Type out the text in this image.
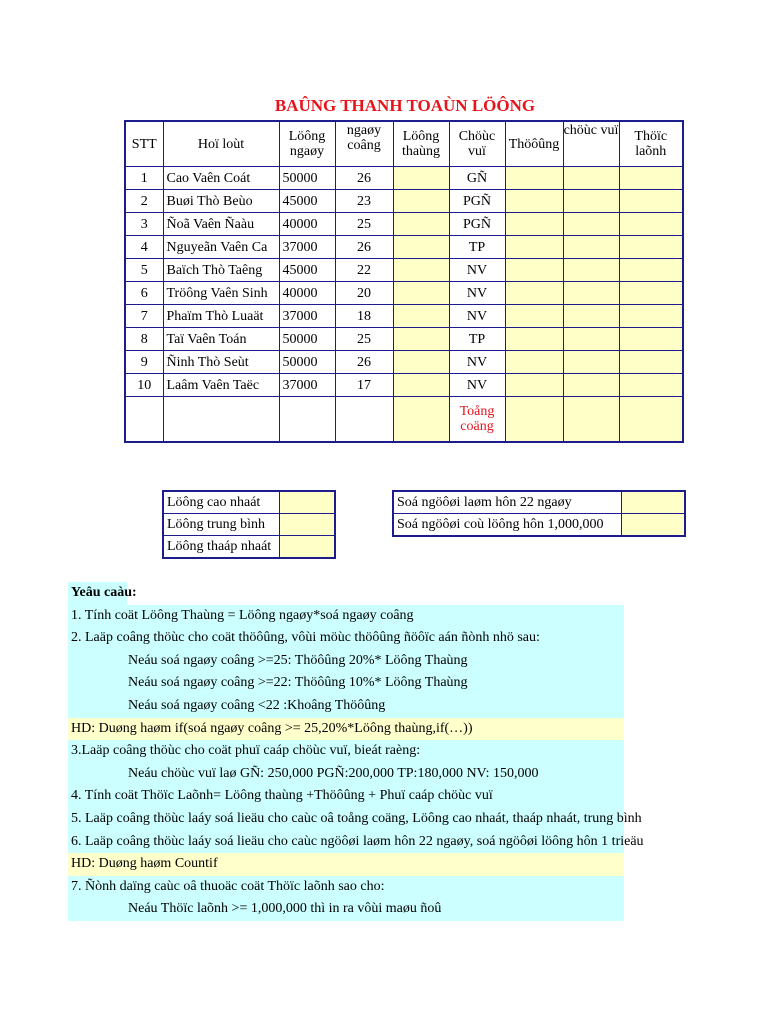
BAÛNG THANH TOAÙN LÖÔNG
STT	Hoï loùt	Löông ngaøy	ngaøy coâng	Löông thaùng	Chöùc vuï	Thöôûng	chöùc vuï	Thöïc laõnh
1	Cao Vaên Coát	50000	26		GÑ			
2	Buøi Thò Beùo	45000	23		PGÑ			
3	Ñoã Vaên Ñaàu	40000	25		PGÑ			
4	Nguyeãn Vaên Ca	37000	26		TP			
5	Baïch Thò Taêng	45000	22		NV			
6	Tröông Vaên Sinh	40000	20		NV			
7	Phaïm Thò Luaät	37000	18		NV			
8	Taï Vaên Toán	50000	25		TP			
9	Ñinh Thò Seùt	50000	26		NV			
10	Laâm Vaên Taëc	37000	17		NV			
					Toång coäng			
Löông cao nhaát	
Löông trung bình	
Löông thaáp nhaát	
Soá ngöôøi laøm hôn 22 ngaøy	
Soá ngöôøi coù löông hôn 1,000,000	
Yeâu caàu:
1. Tính coät Löông Thaùng = Löông ngaøy*soá ngaøy coâng
2. Laäp coâng thöùc cho coät thöôûng, vôùi möùc thöôûng ñöôïc aán ñònh nhö sau:
Neáu soá ngaøy coâng >=25: Thöôûng 20%* Löông Thaùng
Neáu soá ngaøy coâng >=22: Thöôûng 10%* Löông Thaùng
Neáu soá ngaøy coâng <22 :Khoâng Thöôûng
HD: Duøng haøm if(soá ngaøy coâng >= 25,20%*Löông thaùng,if(…))
3.Laäp coâng thöùc cho coät phuï caáp chöùc vuï, bieát raèng:
Neáu chöùc vuï laø GÑ: 250,000 PGÑ:200,000 TP:180,000 NV: 150,000
4. Tính coät Thöïc Laõnh= Löông thaùng +Thöôûng + Phuï caáp chöùc vuï
5. Laäp coâng thöùc laáy soá lieäu cho caùc oâ toång coäng, Löông cao nhaát, thaáp nhaát, trung bình
6. Laäp coâng thöùc laáy soá lieäu cho caùc ngöôøi laøm hôn 22 ngaøy, soá ngöôøi löông hôn 1 trieäu
HD: Duøng haøm Countif
7. Ñònh daïng caùc oâ thuoäc coät Thöïc laõnh sao cho:
Neáu Thöïc laõnh >= 1,000,000 thì in ra vôùi maøu ñoû
